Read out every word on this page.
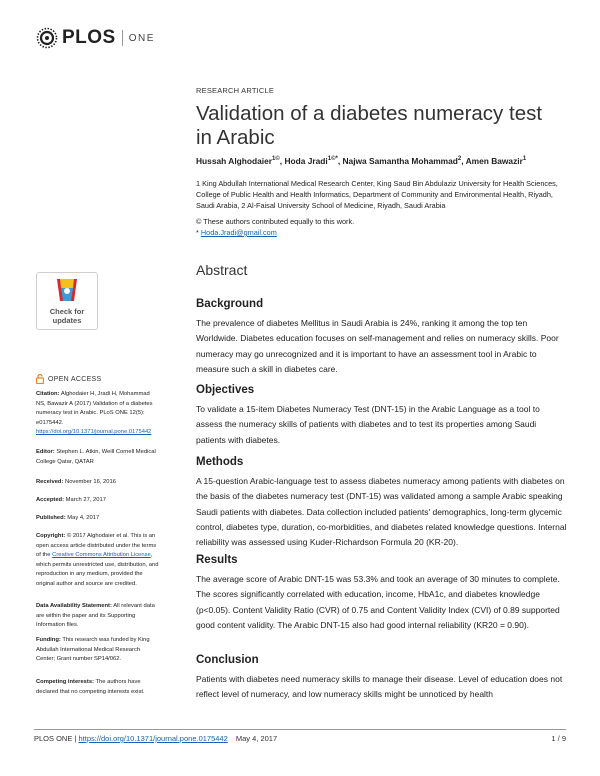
PLOS ONE
Check for updates
OPEN ACCESS
Citation: Alghodaier H, Jradi H, Mohammad NS, Bawazir A (2017) Validation of a diabetes numeracy test in Arabic. PLoS ONE 12(5): e0175442. https://doi.org/10.1371/journal.pone.0175442
Editor: Stephen L. Atkin, Weill Cornell Medical College Qatar, QATAR
Received: November 16, 2016
Accepted: March 27, 2017
Published: May 4, 2017
Copyright: © 2017 Alghodaier et al. This is an open access article distributed under the terms of the Creative Commons Attribution License, which permits unrestricted use, distribution, and reproduction in any medium, provided the original author and source are credited.
Data Availability Statement: All relevant data are within the paper and its Supporting Information files.
Funding: This research was funded by King Abdullah International Medical Research Center; Grant number SP14/062.
Competing interests: The authors have declared that no competing interests exist.
RESEARCH ARTICLE
Validation of a diabetes numeracy test in Arabic
Hussah Alghodaier$^{1©}$, Hoda Jradi$^{1©*}$, Najwa Samantha Mohammad$^2$, Amen Bawazir$^1$
1 King Abdullah International Medical Research Center, King Saud Bin Abdulaziz University for Health Sciences, College of Public Health and Health Informatics, Department of Community and Environmental Health, Riyadh, Saudi Arabia, 2 Al-Faisal University School of Medicine, Riyadh, Saudi Arabia
© These authors contributed equally to this work.
* Hoda.Jradi@gmail.com
Abstract
Background
The prevalence of diabetes Mellitus in Saudi Arabia is 24%, ranking it among the top ten Worldwide. Diabetes education focuses on self-management and relies on numeracy skills. Poor numeracy may go unrecognized and it is important to have an assessment tool in Arabic to measure such a skill in diabetes care.
Objectives
To validate a 15-item Diabetes Numeracy Test (DNT-15) in the Arabic Language as a tool to assess the numeracy skills of patients with diabetes and to test its properties among Saudi patients with diabetes.
Methods
A 15-question Arabic-language test to assess diabetes numeracy among patients with diabetes on the basis of the diabetes numeracy test (DNT-15) was validated among a sample Arabic speaking Saudi patients with diabetes. Data collection included patients' demographics, long-term glycemic control, diabetes type, duration, co-morbidities, and diabetes related knowledge questions. Internal reliability was assessed using Kuder-Richardson Formula 20 (KR-20).
Results
The average score of Arabic DNT-15 was 53.3% and took an average of 30 minutes to complete. The scores significantly correlated with education, income, HbA1c, and diabetes knowledge (p<0.05). Content Validity Ratio (CVR) of 0.75 and Content Validity Index (CVI) of 0.89 supported good content validity. The Arabic DNT-15 also had good internal reliability (KR20 = 0.90).
Conclusion
Patients with diabetes need numeracy skills to manage their disease. Level of education does not reflect level of numeracy, and low numeracy skills might be unnoticed by health
PLOS ONE | https://doi.org/10.1371/journal.pone.0175442 May 4, 2017	1 / 9
